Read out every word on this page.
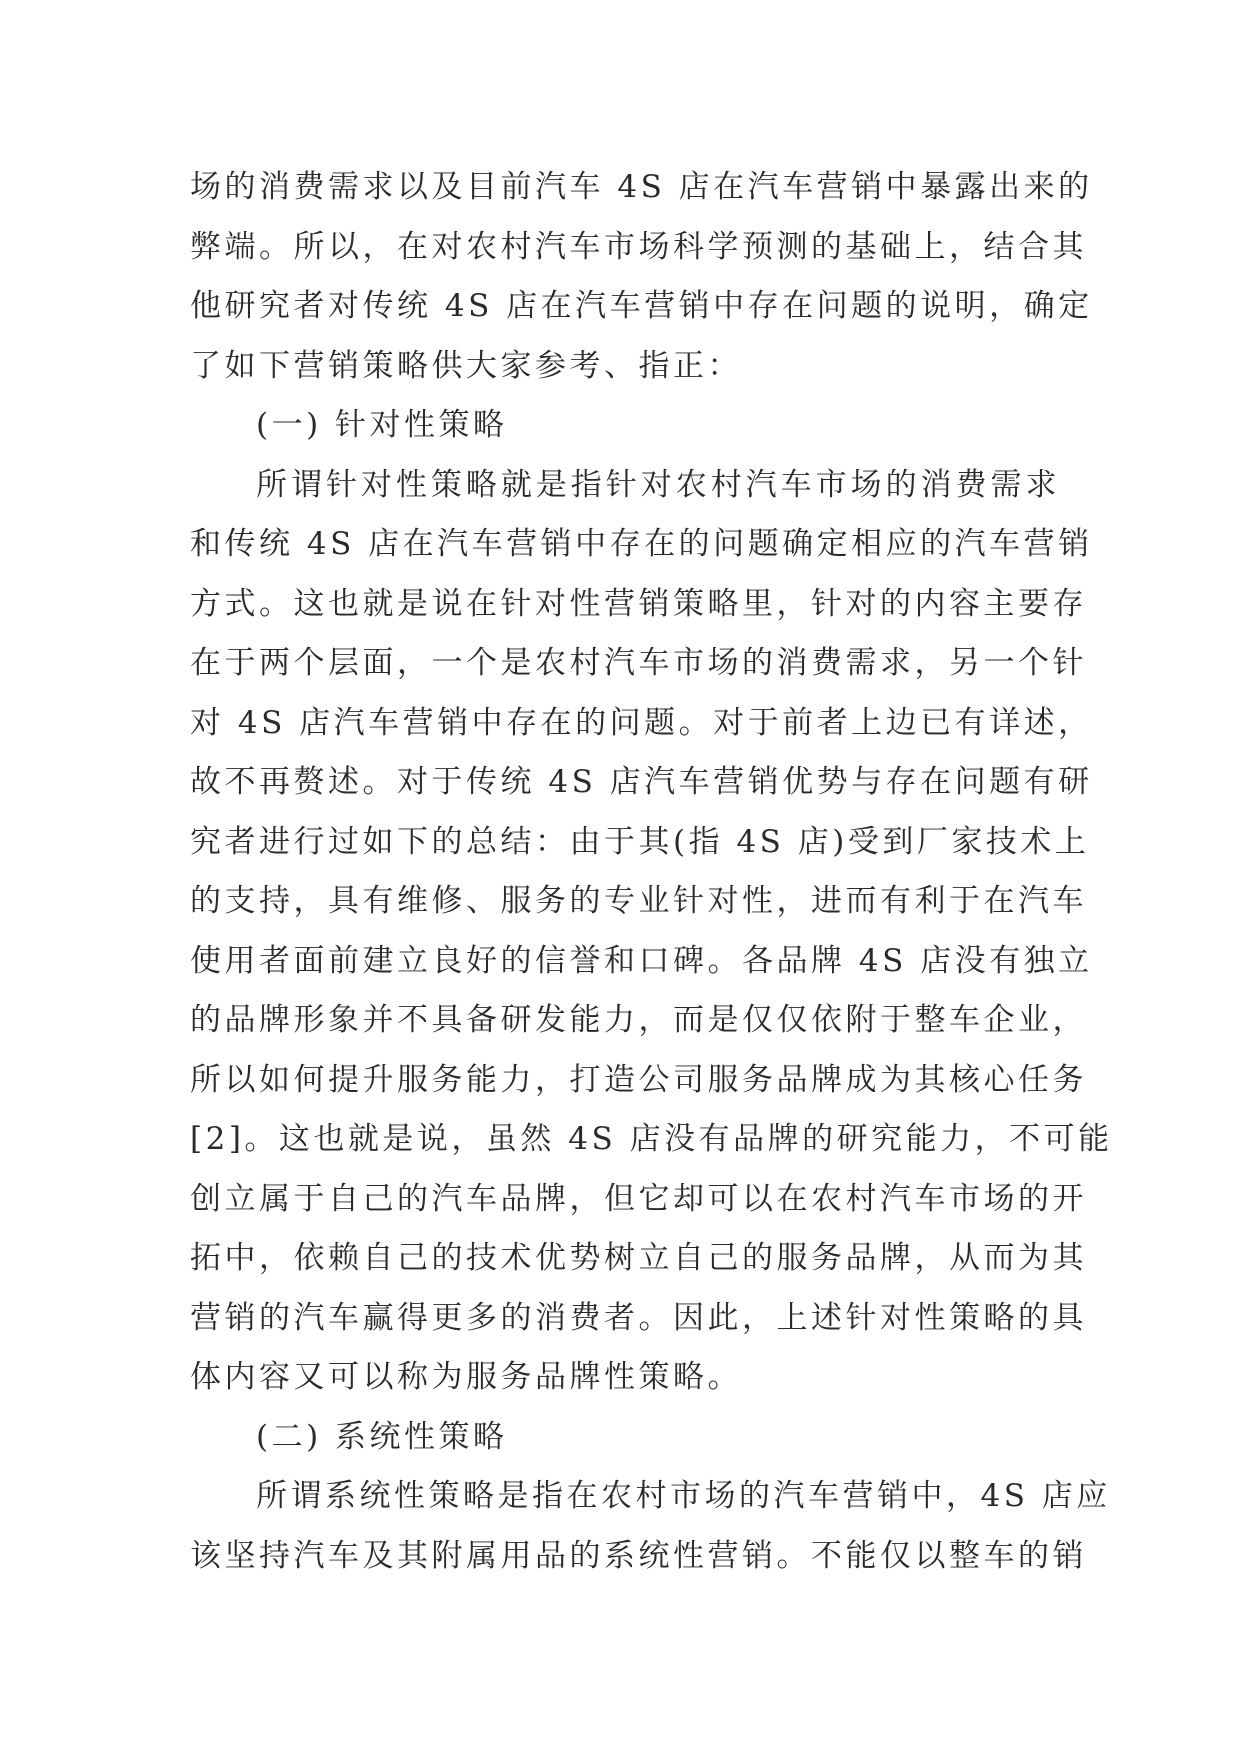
场的消费需求以及目前汽车 4S 店在汽车营销中暴露出来的
弊端。所以，在对农村汽车市场科学预测的基础上，结合其
他研究者对传统 4S 店在汽车营销中存在问题的说明，确定
了如下营销策略供大家参考、指正：
(一) 针对性策略
所谓针对性策略就是指针对农村汽车市场的消费需求
和传统 4S 店在汽车营销中存在的问题确定相应的汽车营销
方式。这也就是说在针对性营销策略里，针对的内容主要存
在于两个层面，一个是农村汽车市场的消费需求，另一个针
对 4S 店汽车营销中存在的问题。对于前者上边已有详述，
故不再赘述。对于传统 4S 店汽车营销优势与存在问题有研
究者进行过如下的总结：由于其(指 4S 店)受到厂家技术上
的支持，具有维修、服务的专业针对性，进而有利于在汽车
使用者面前建立良好的信誉和口碑。各品牌 4S 店没有独立
的品牌形象并不具备研发能力，而是仅仅依附于整车企业，
所以如何提升服务能力，打造公司服务品牌成为其核心任务
[2]。这也就是说，虽然 4S 店没有品牌的研究能力，不可能
创立属于自己的汽车品牌，但它却可以在农村汽车市场的开
拓中，依赖自己的技术优势树立自己的服务品牌，从而为其
营销的汽车赢得更多的消费者。因此，上述针对性策略的具
体内容又可以称为服务品牌性策略。
(二) 系统性策略
所谓系统性策略是指在农村市场的汽车营销中，4S 店应
该坚持汽车及其附属用品的系统性营销。不能仅以整车的销
